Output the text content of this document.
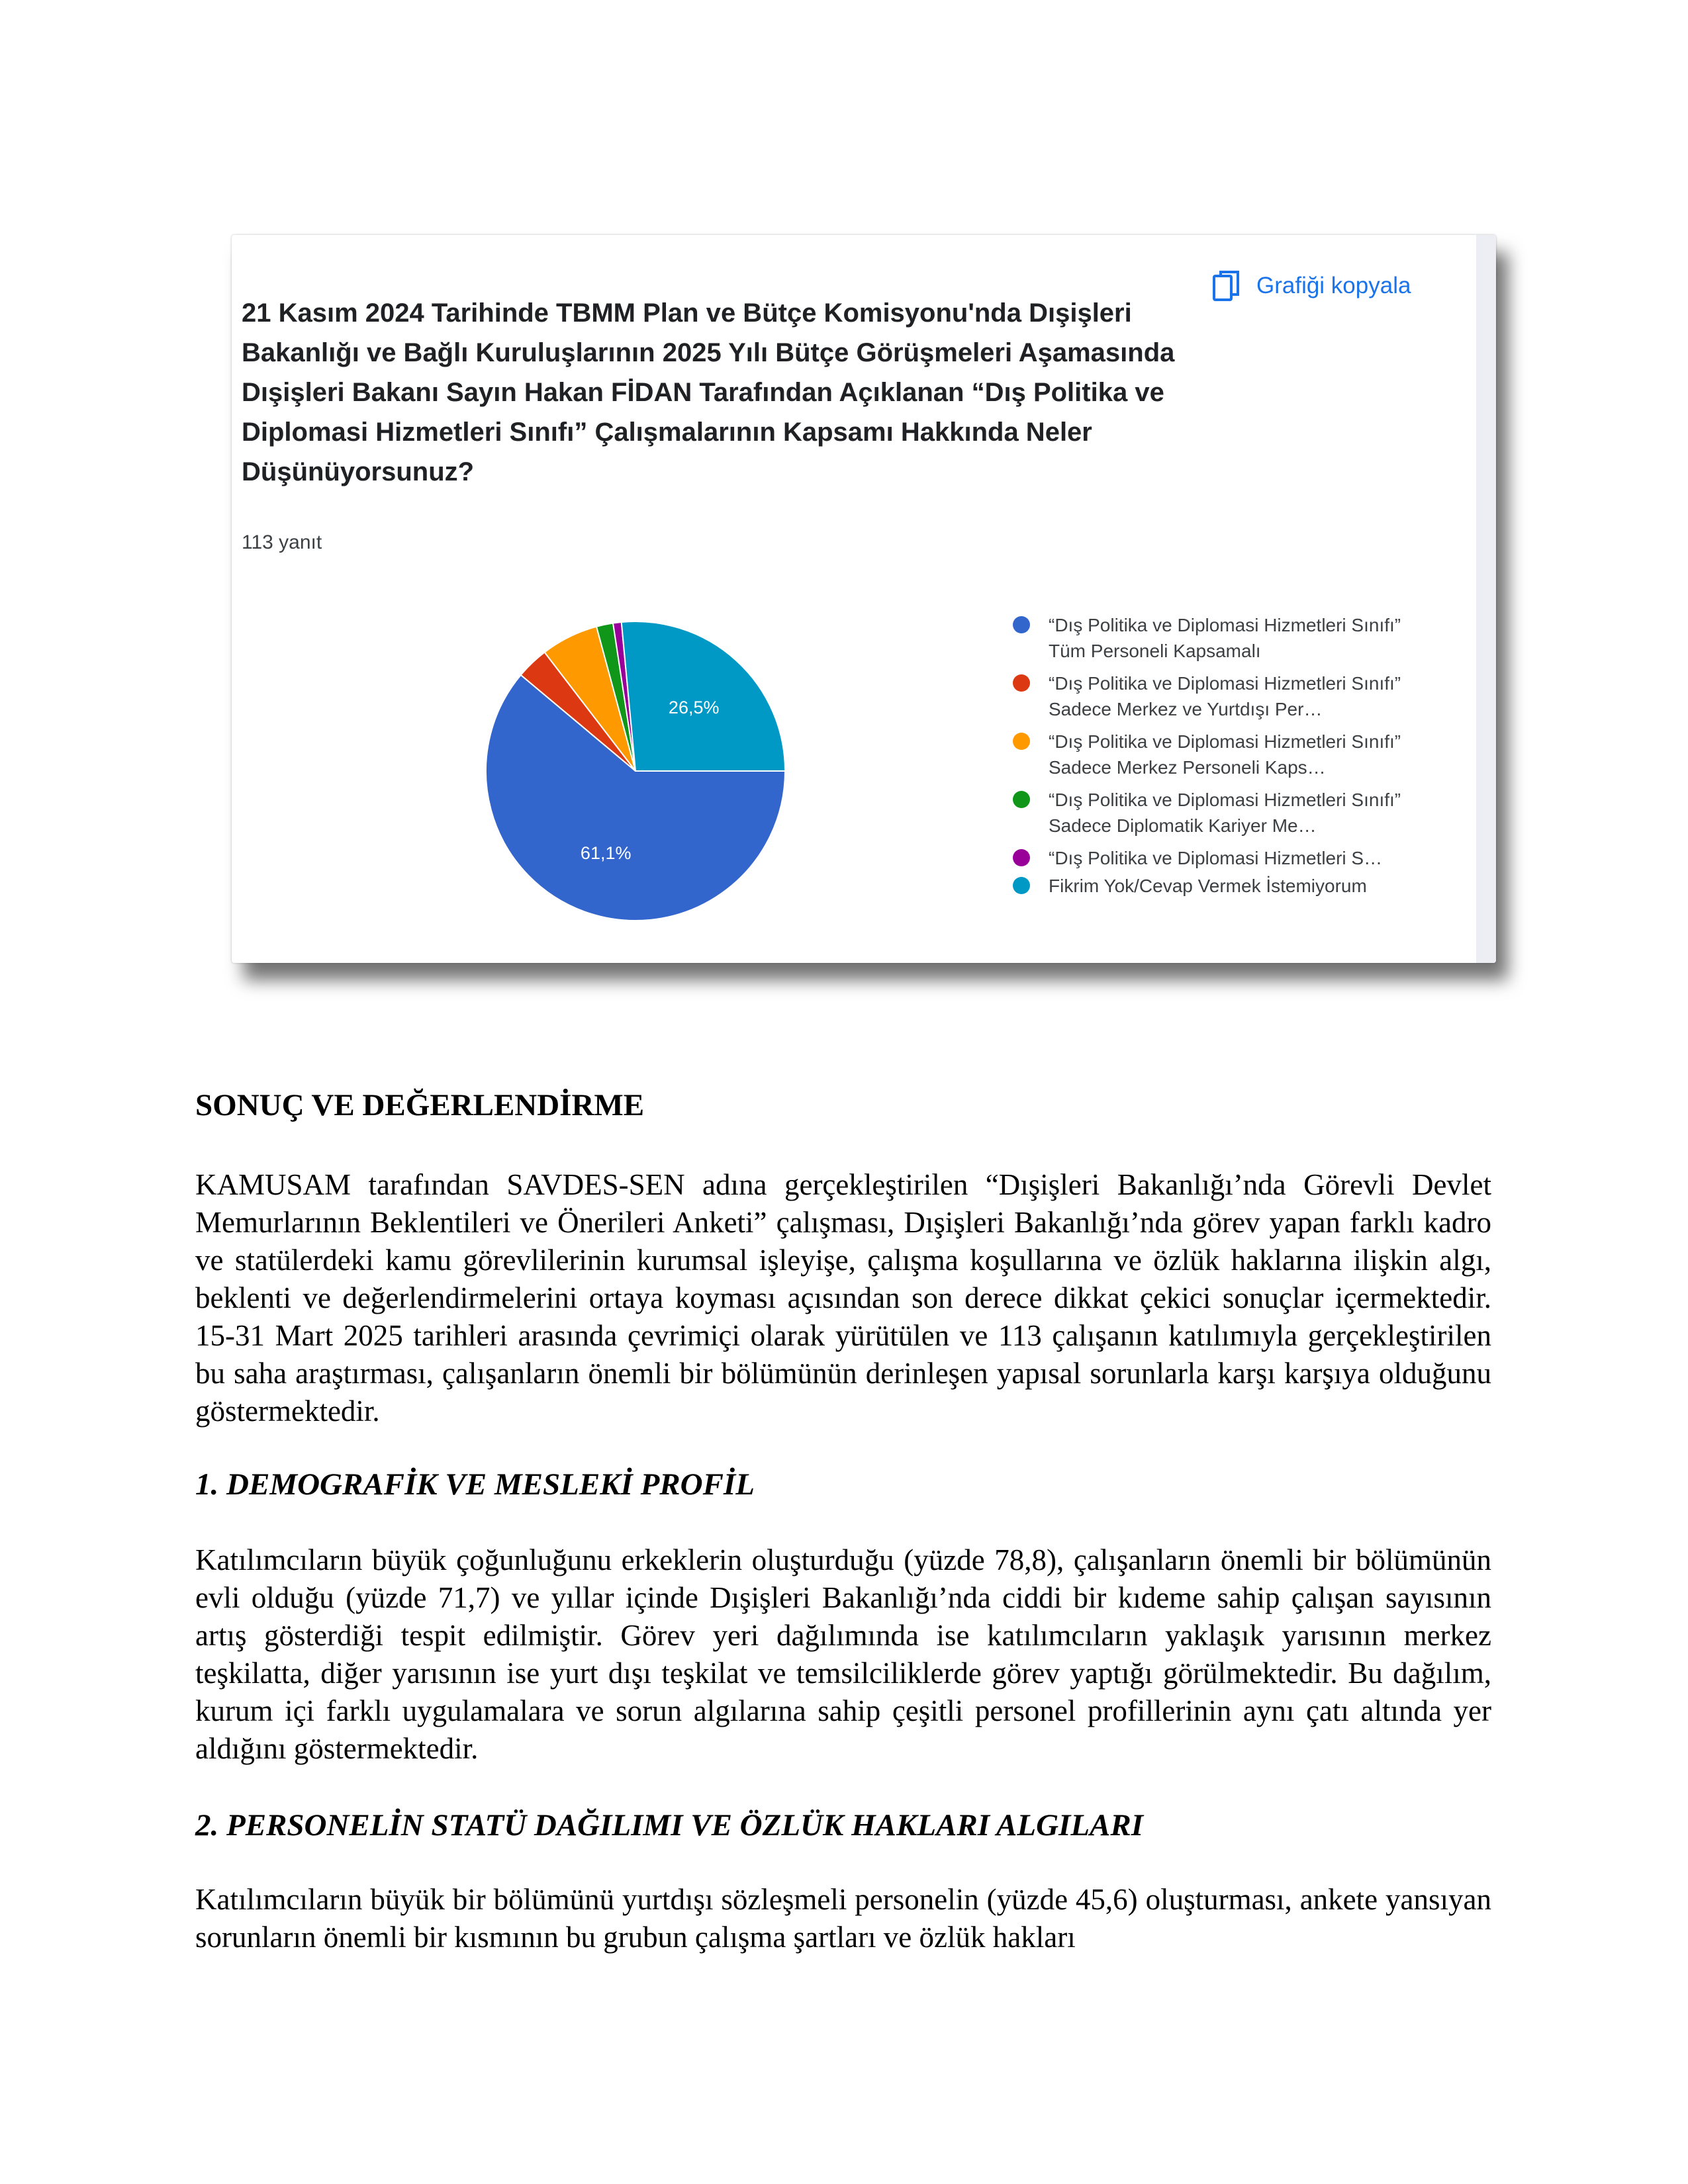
Grafiği kopyala
21 Kasım 2024 Tarihinde TBMM Plan ve Bütçe Komisyonu'nda Dışişleri Bakanlığı ve Bağlı Kuruluşlarının 2025 Yılı Bütçe Görüşmeleri Aşamasında Dışişleri Bakanı Sayın Hakan FİDAN Tarafından Açıklanan “Dış Politika ve Diplomasi Hizmetleri Sınıfı” Çalışmalarının Kapsamı Hakkında Neler Düşünüyorsunuz?
113 yanıt
61,1%
26,5%
“Dış Politika ve Diplomasi Hizmetleri Sınıfı” Tüm Personeli Kapsamalı
“Dış Politika ve Diplomasi Hizmetleri Sınıfı” Sadece Merkez ve Yurtdışı Per…
“Dış Politika ve Diplomasi Hizmetleri Sınıfı” Sadece Merkez Personeli Kaps…
“Dış Politika ve Diplomasi Hizmetleri Sınıfı” Sadece Diplomatik Kariyer Me…
“Dış Politika ve Diplomasi Hizmetleri S…
Fikrim Yok/Cevap Vermek İstemiyorum
SONUÇ VE DEĞERLENDİRME

KAMUSAM tarafından SAVDES-SEN adına gerçekleştirilen “Dışişleri Bakanlığı’nda Görevli Devlet Memurlarının Beklentileri ve Önerileri Anketi” çalışması, Dışişleri Bakanlığı’nda görev yapan farklı kadro ve statülerdeki kamu görevlilerinin kurumsal işleyişe, çalışma koşullarına ve özlük haklarına ilişkin algı, beklenti ve değerlendirmelerini ortaya koyması açısından son derece dikkat çekici sonuçlar içermektedir. 15-31 Mart 2025 tarihleri arasında çevrimiçi olarak yürütülen ve 113 çalışanın katılımıyla gerçekleştirilen bu saha araştırması, çalışanların önemli bir bölümünün derinleşen yapısal sorunlarla karşı karşıya olduğunu göstermektedir.

1. DEMOGRAFİK VE MESLEKİ PROFİL

Katılımcıların büyük çoğunluğunu erkeklerin oluşturduğu (yüzde 78,8), çalışanların önemli bir bölümünün evli olduğu (yüzde 71,7) ve yıllar içinde Dışişleri Bakanlığı’nda ciddi bir kıdeme sahip çalışan sayısının artış gösterdiği tespit edilmiştir. Görev yeri dağılımında ise katılımcıların yaklaşık yarısının merkez teşkilatta, diğer yarısının ise yurt dışı teşkilat ve temsilciliklerde görev yaptığı görülmektedir. Bu dağılım, kurum içi farklı uygulamalara ve sorun algılarına sahip çeşitli personel profillerinin aynı çatı altında yer aldığını göstermektedir.

2. PERSONELİN STATÜ DAĞILIMI VE ÖZLÜK HAKLARI ALGILARI

Katılımcıların büyük bir bölümünü yurtdışı sözleşmeli personelin (yüzde 45,6) oluşturması, ankete yansıyan sorunların önemli bir kısmının bu grubun çalışma şartları ve özlük hakları
